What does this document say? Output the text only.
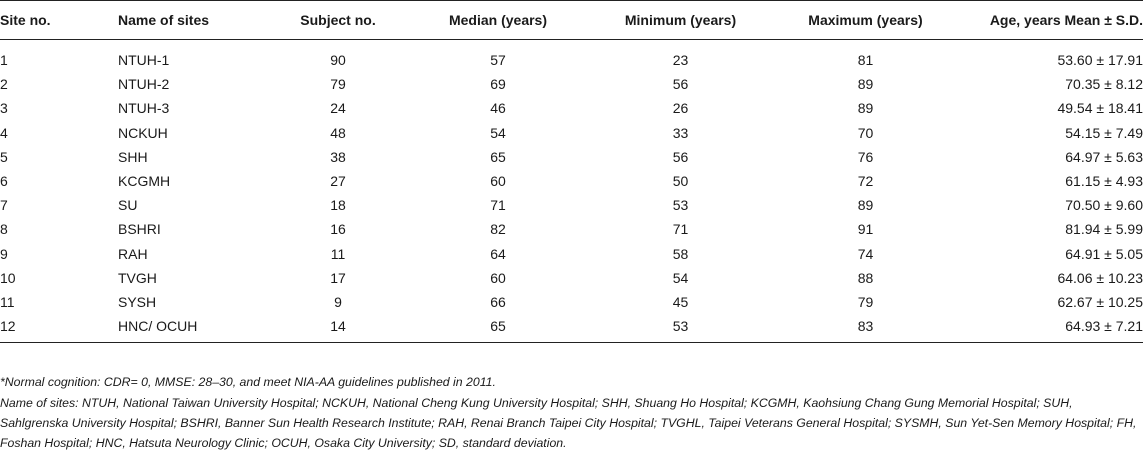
Site no.	Name of sites	Subject no.	Median (years)	Minimum (years)	Maximum (years)	Age, years Mean ± S.D.
1	NTUH-1	90	57	23	81	53.60 ± 17.91
2	NTUH-2	79	69	56	89	70.35 ± 8.12
3	NTUH-3	24	46	26	89	49.54 ± 18.41
4	NCKUH	48	54	33	70	54.15 ± 7.49
5	SHH	38	65	56	76	64.97 ± 5.63
6	KCGMH	27	60	50	72	61.15 ± 4.93
7	SU	18	71	53	89	70.50 ± 9.60
8	BSHRI	16	82	71	91	81.94 ± 5.99
9	RAH	11	64	58	74	64.91 ± 5.05
10	TVGH	17	60	54	88	64.06 ± 10.23
11	SYSH	9	66	45	79	62.67 ± 10.25
12	HNC/ OCUH	14	65	53	83	64.93 ± 7.21

*Normal cognition: CDR= 0, MMSE: 28–30, and meet NIA-AA guidelines published in 2011.

Name of sites: NTUH, National Taiwan University Hospital; NCKUH, National Cheng Kung University Hospital; SHH, Shuang Ho Hospital; KCGMH, Kaohsiung Chang Gung Memorial Hospital; SUH, Sahlgrenska University Hospital; BSHRI, Banner Sun Health Research Institute; RAH, Renai Branch Taipei City Hospital; TVGHL, Taipei Veterans General Hospital; SYSMH, Sun Yet-Sen Memory Hospital; FH, Foshan Hospital; HNC, Hatsuta Neurology Clinic; OCUH, Osaka City University; SD, standard deviation.
